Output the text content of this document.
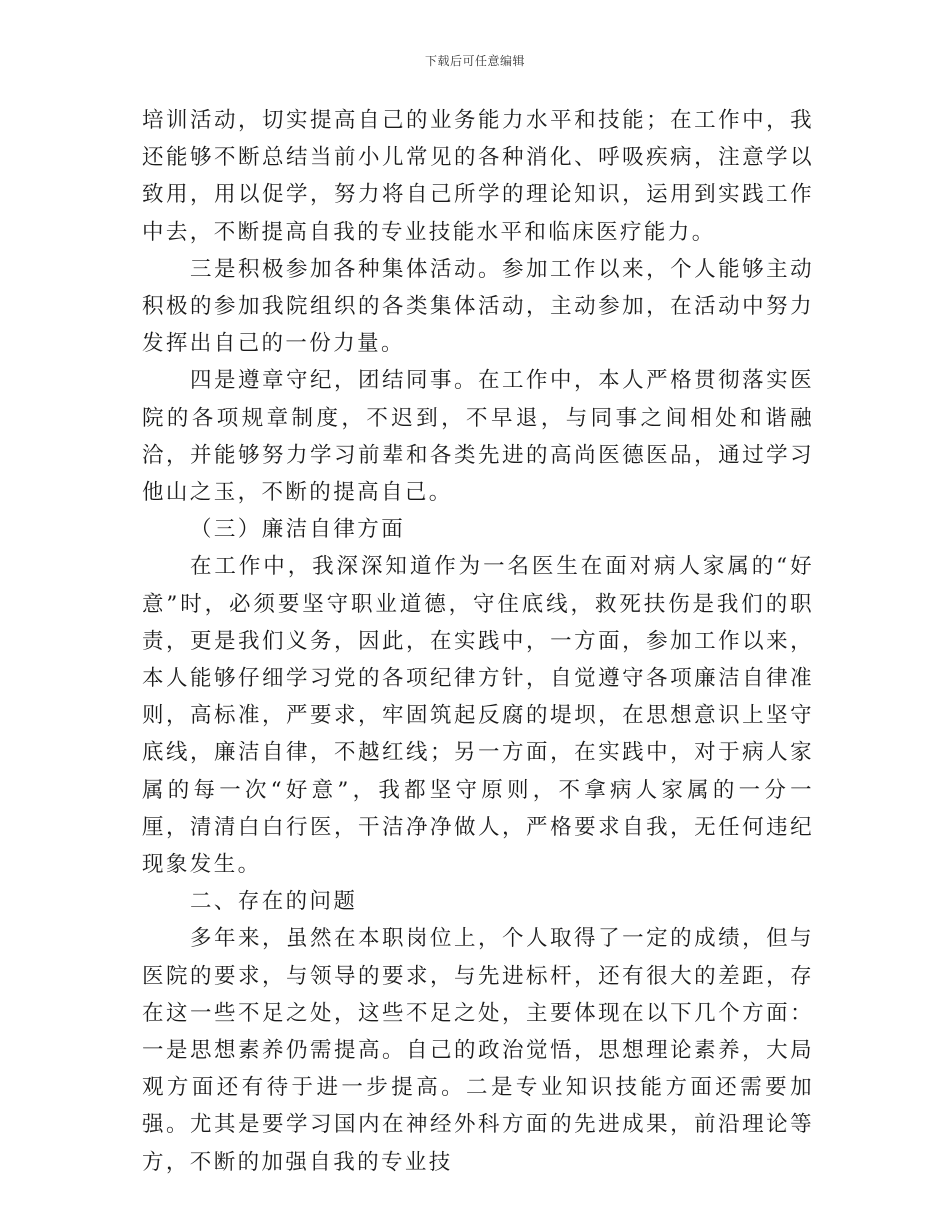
下载后可任意编辑

培训活动，切实提高自己的业务能力水平和技能；在工作中，我还能够不断总结当前小儿常见的各种消化、呼吸疾病，注意学以致用，用以促学，努力将自己所学的理论知识，运用到实践工作中去，不断提高自我的专业技能水平和临床医疗能力。

三是积极参加各种集体活动。参加工作以来，个人能够主动积极的参加我院组织的各类集体活动，主动参加，在活动中努力发挥出自己的一份力量。

四是遵章守纪，团结同事。在工作中，本人严格贯彻落实医院的各项规章制度，不迟到，不早退，与同事之间相处和谐融洽，并能够努力学习前辈和各类先进的高尚医德医品，通过学习他山之玉，不断的提高自己。

（三）廉洁自律方面

在工作中，我深深知道作为一名医生在面对病人家属的“好意”时，必须要坚守职业道德，守住底线，救死扶伤是我们的职责，更是我们义务，因此，在实践中，一方面，参加工作以来，本人能够仔细学习党的各项纪律方针，自觉遵守各项廉洁自律准则，高标准，严要求，牢固筑起反腐的堤坝，在思想意识上坚守底线，廉洁自律，不越红线；另一方面，在实践中，对于病人家属的每一次“好意”，我都坚守原则，不拿病人家属的一分一厘，清清白白行医，干洁净净做人，严格要求自我，无任何违纪现象发生。

二、存在的问题

多年来，虽然在本职岗位上，个人取得了一定的成绩，但与医院的要求，与领导的要求，与先进标杆，还有很大的差距，存在这一些不足之处，这些不足之处，主要体现在以下几个方面：一是思想素养仍需提高。自己的政治觉悟，思想理论素养，大局观方面还有待于进一步提高。二是专业知识技能方面还需要加强。尤其是要学习国内在神经外科方面的先进成果，前沿理论等方，不断的加强自我的专业技
